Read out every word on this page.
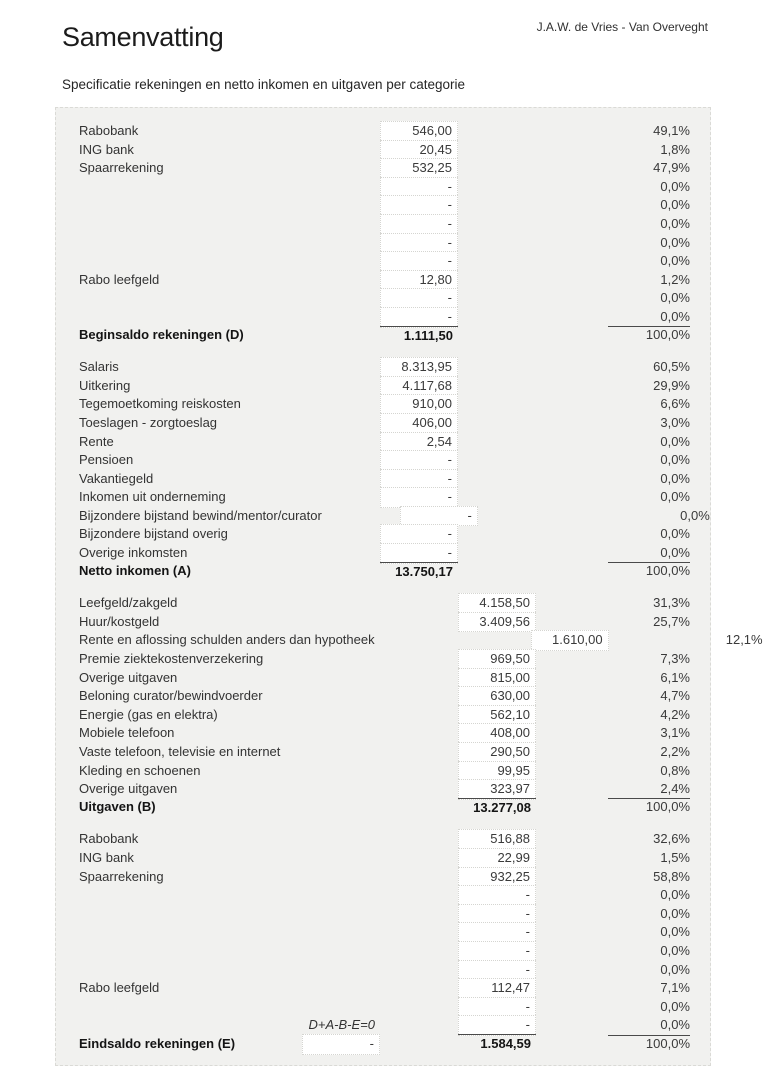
Samenvatting	J.A.W. de Vries - Van Overveght
Specificatie rekeningen en netto inkomen en uitgaven per categorie
Rabobank	546,00	49,1%
ING bank	20,45	1,8%
Spaarrekening	532,25	47,9%
-	0,0%
-	0,0%
-	0,0%
-	0,0%
-	0,0%
Rabo leefgeld	12,80	1,2%
-	0,0%
-	0,0%
Beginsaldo rekeningen (D)	1.111,50	100,0%
Salaris	8.313,95	60,5%
Uitkering	4.117,68	29,9%
Tegemoetkoming reiskosten	910,00	6,6%
Toeslagen - zorgtoeslag	406,00	3,0%
Rente	2,54	0,0%
Pensioen	-	0,0%
Vakantiegeld	-	0,0%
Inkomen uit onderneming	-	0,0%
Bijzondere bijstand bewind/mentor/curator	-	0,0%
Bijzondere bijstand overig	-	0,0%
Overige inkomsten	-	0,0%
Netto inkomen (A)	13.750,17	100,0%
Leefgeld/zakgeld	4.158,50	31,3%
Huur/kostgeld	3.409,56	25,7%
Rente en aflossing schulden anders dan hypotheek	1.610,00	12,1%
Premie ziektekostenverzekering	969,50	7,3%
Overige uitgaven	815,00	6,1%
Beloning curator/bewindvoerder	630,00	4,7%
Energie (gas en elektra)	562,10	4,2%
Mobiele telefoon	408,00	3,1%
Vaste telefoon, televisie en internet	290,50	2,2%
Kleding en schoenen	99,95	0,8%
Overige uitgaven	323,97	2,4%
Uitgaven (B)	13.277,08	100,0%
Rabobank	516,88	32,6%
ING bank	22,99	1,5%
Spaarrekening	932,25	58,8%
-	0,0%
-	0,0%
-	0,0%
-	0,0%
-	0,0%
Rabo leefgeld	112,47	7,1%
-	0,0%
D+A-B-E=0	-	0,0%
Eindsaldo rekeningen (E)	-	1.584,59	100,0%
